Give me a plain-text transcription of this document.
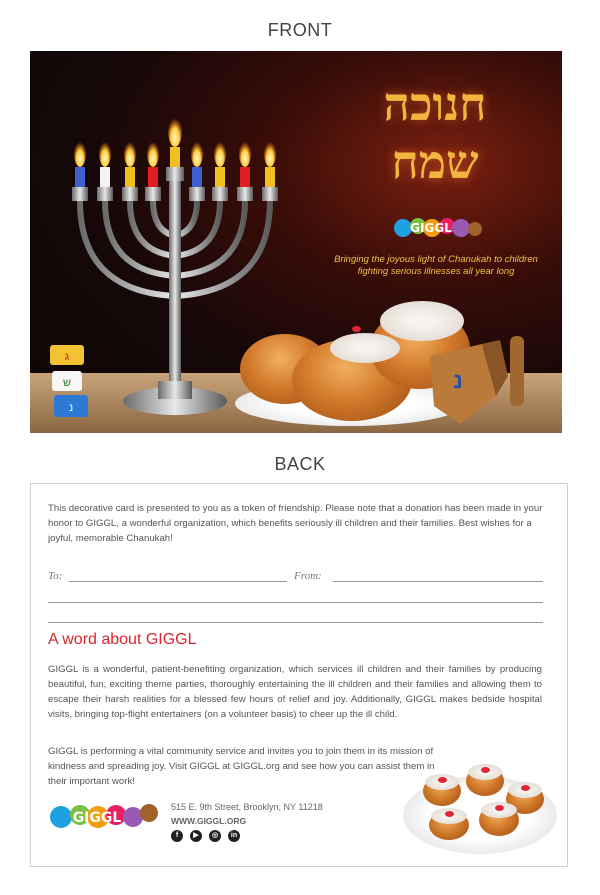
FRONT
חנוכה
שמח
GIGGL
Bringing the joyous light of Chanukah to children fighting serious illnesses all year long
ג
ש
נ
נ
BACK
This decorative card is presented to you as a token of friendship. Please note that a donation has been made in your honor to GIGGL, a wonderful organization, which benefits seriously ill children and their families. Best wishes for a joyful, memorable Chanukah!
To:	From:
A word about GIGGL
GIGGL is a wonderful, patient-benefiting organization, which services ill children and their families by producing beautiful, fun, exciting theme parties, thoroughly entertaining the ill children and their families and allowing them to escape their harsh realities for a blessed few hours of relief and joy. Additionally, GIGGL makes bedside hospital visits, bringing top-flight entertainers (on a volunteer basis) to cheer up the ill child.
GIGGL is performing a vital community service and invites you to join them in its mission of kindness and spreading joy. Visit GIGGL at GIGGL.org and see how you can assist them in their important work!
GIGGL
515 E. 9th Street, Brooklyn, NY 11218
WWW.GIGGL.ORG
f	▶	◎	in
